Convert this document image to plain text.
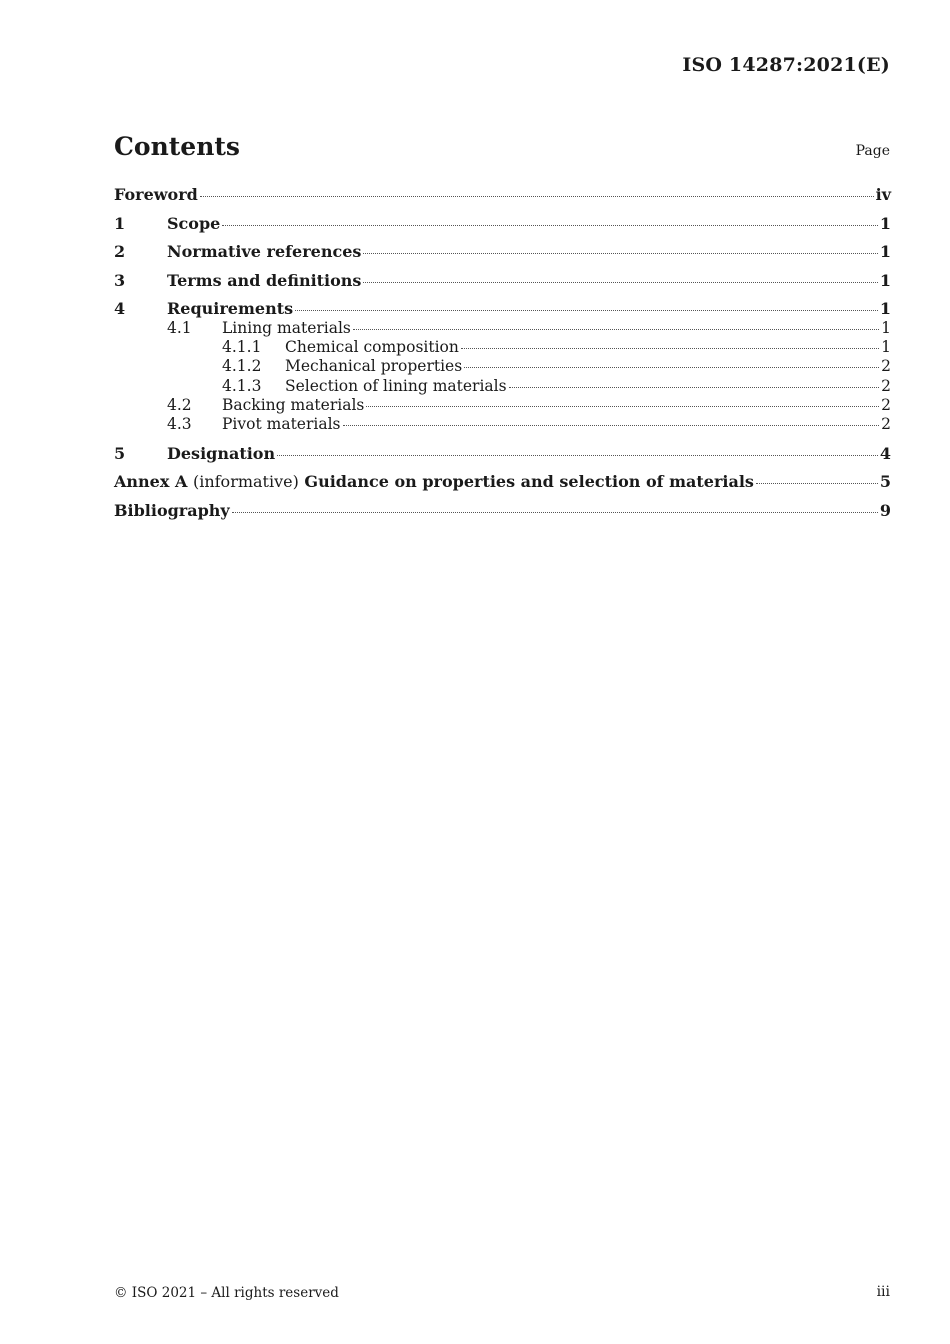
ISO 14287:2021(E)
Contents	Page
Foreword	iv
1	Scope	1
2	Normative references	1
3	Terms and definitions	1
4	Requirements	1
4.1	Lining materials	1
4.1.1	Chemical composition	1
4.1.2	Mechanical properties	2
4.1.3	Selection of lining materials	2
4.2	Backing materials	2
4.3	Pivot materials	2
5	Designation	4
Annex A (informative) Guidance on properties and selection of materials	5
Bibliography	9
© ISO 2021 – All rights reserved	iii
